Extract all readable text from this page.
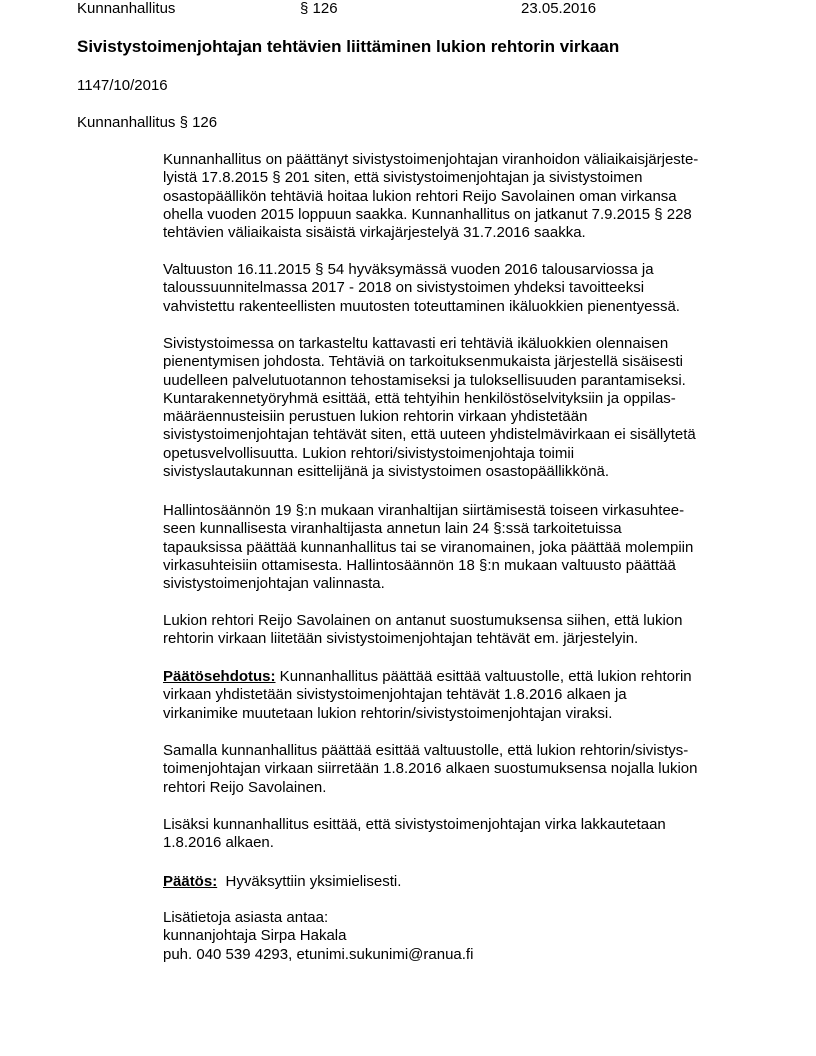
Kunnanhallitus	§ 126	23.05.2016
Sivistystoimenjohtajan tehtävien liittäminen lukion rehtorin virkaan
1147/10/2016
Kunnanhallitus § 126
Kunnanhallitus on päättänyt sivistystoimenjohtajan viranhoidon väliaikaisjärjeste-
lyistä 17.8.2015 § 201 siten, että sivistystoimenjohtajan ja sivistystoimen
osastopäällikön tehtäviä hoitaa lukion rehtori Reijo Savolainen oman virkansa
ohella vuoden 2015 loppuun saakka. Kunnanhallitus on jatkanut 7.9.2015 § 228
tehtävien väliaikaista sisäistä virkajärjestelyä 31.7.2016 saakka.
Valtuuston 16.11.2015 § 54 hyväksymässä vuoden 2016 talousarviossa ja
taloussuunnitelmassa 2017 - 2018 on sivistystoimen yhdeksi tavoitteeksi
vahvistettu rakenteellisten muutosten toteuttaminen ikäluokkien pienentyessä.
Sivistystoimessa on tarkasteltu kattavasti eri tehtäviä ikäluokkien olennaisen
pienentymisen johdosta. Tehtäviä on tarkoituksenmukaista järjestellä sisäisesti
uudelleen palvelutuotannon tehostamiseksi ja tuloksellisuuden parantamiseksi.
Kuntarakennetyöryhmä esittää, että tehtyihin henkilöstöselvityksiin ja oppilas-
määräennusteisiin perustuen lukion rehtorin virkaan yhdistetään
sivistystoimenjohtajan tehtävät siten, että uuteen yhdistelmävirkaan ei sisällytetä
opetusvelvollisuutta. Lukion rehtori/sivistystoimenjohtaja toimii
sivistyslautakunnan esittelijänä ja sivistystoimen osastopäällikkönä.
Hallintosäännön 19 §:n mukaan viranhaltijan siirtämisestä toiseen virkasuhtee-
seen kunnallisesta viranhaltijasta annetun lain 24 §:ssä tarkoitetuissa
tapauksissa päättää kunnanhallitus tai se viranomainen, joka päättää molempiin
virkasuhteisiin ottamisesta. Hallintosäännön 18 §:n mukaan valtuusto päättää
sivistystoimenjohtajan valinnasta.
Lukion rehtori Reijo Savolainen on antanut suostumuksensa siihen, että lukion
rehtorin virkaan liitetään sivistystoimenjohtajan tehtävät em. järjestelyin.
Päätösehdotus: Kunnanhallitus päättää esittää valtuustolle, että lukion rehtorin
virkaan yhdistetään sivistystoimenjohtajan tehtävät 1.8.2016 alkaen ja
virkanimike muutetaan lukion rehtorin/sivistystoimenjohtajan viraksi.
Samalla kunnanhallitus päättää esittää valtuustolle, että lukion rehtorin/sivistys-
toimenjohtajan virkaan siirretään 1.8.2016 alkaen suostumuksensa nojalla lukion
rehtori Reijo Savolainen.
Lisäksi kunnanhallitus esittää, että sivistystoimenjohtajan virka lakkautetaan
1.8.2016 alkaen.
Päätös:  Hyväksyttiin yksimielisesti.
Lisätietoja asiasta antaa:
kunnanjohtaja Sirpa Hakala
puh. 040 539 4293, etunimi.sukunimi@ranua.fi
